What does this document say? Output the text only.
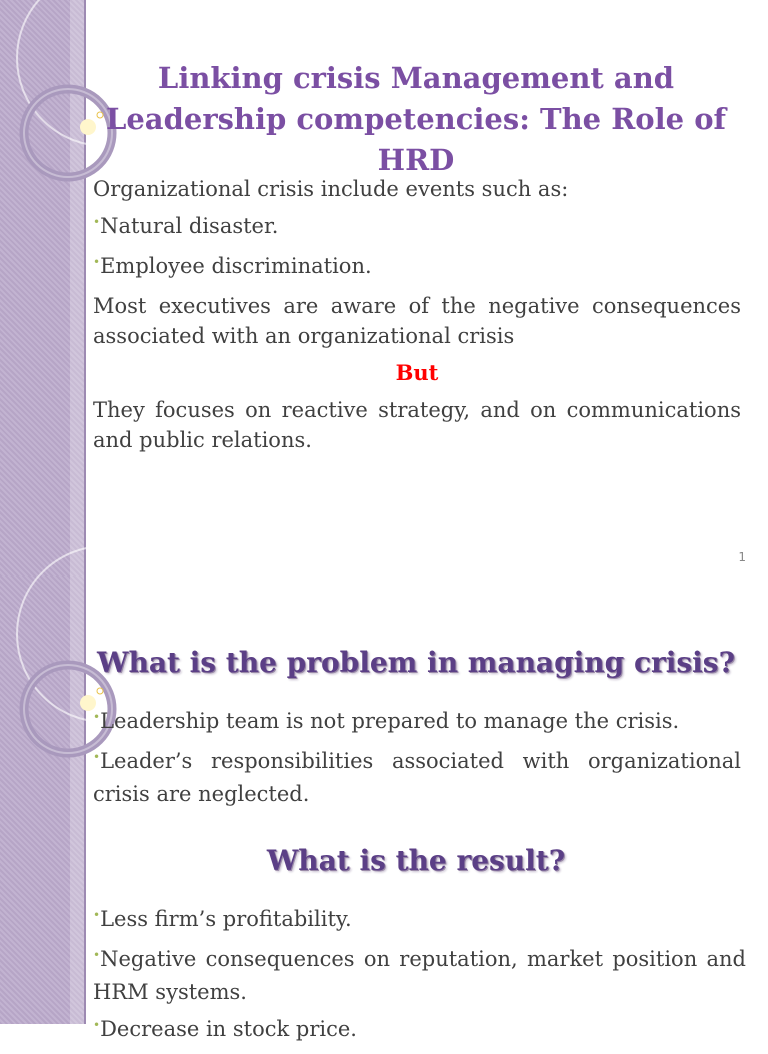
Linking crisis Management and Leadership competencies: The Role of HRD

Organizational crisis include events such as:

•Natural disaster.

•Employee discrimination.

Most executives are aware of the negative consequences associated with an organizational crisis

But

They focuses on reactive strategy, and on communications and public relations.

1
What is the problem in managing crisis?

•Leadership team is not prepared to manage the crisis.

•Leader’s responsibilities associated with organizational crisis are neglected.

What is the result?

•Less firm’s profitability.

•Negative consequences on reputation, market position and HRM systems.

•Decrease in stock price.
